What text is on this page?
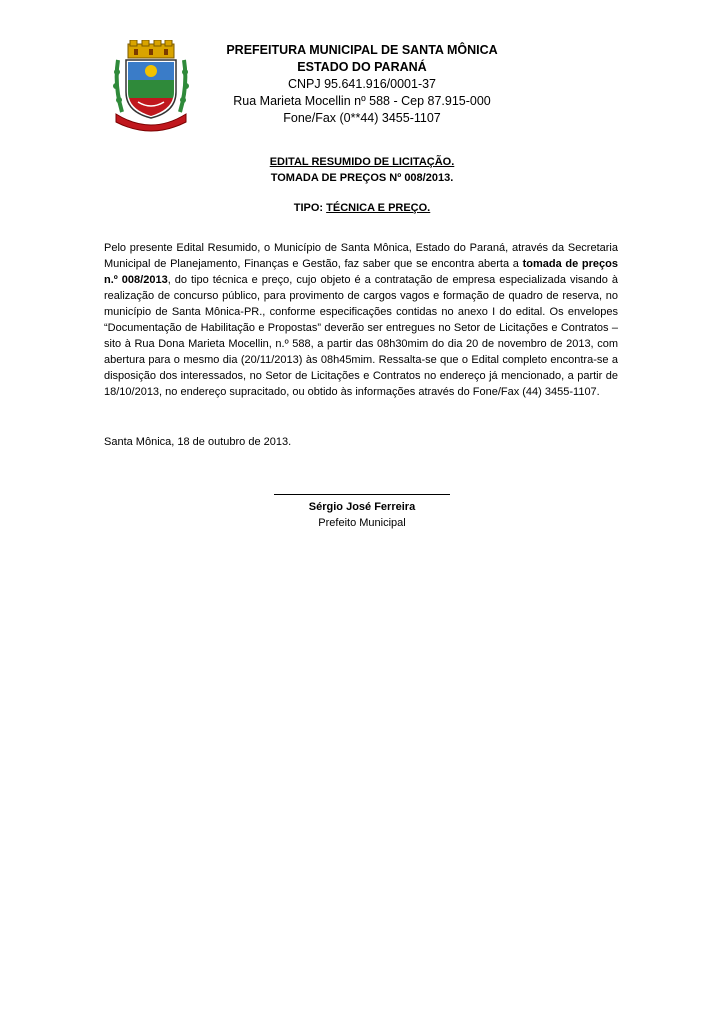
PREFEITURA MUNICIPAL DE SANTA MÔNICA
ESTADO DO PARANÁ
CNPJ 95.641.916/0001-37
Rua Marieta Mocellin nº 588 - Cep 87.915-000
Fone/Fax (0**44) 3455-1107
EDITAL RESUMIDO DE LICITAÇÃO.
TOMADA DE PREÇOS Nº 008/2013.
TIPO: TÉCNICA E PREÇO.
Pelo presente Edital Resumido, o Município de Santa Mônica, Estado do Paraná, através da Secretaria Municipal de Planejamento, Finanças e Gestão, faz saber que se encontra aberta a tomada de preços n.º 008/2013, do tipo técnica e preço, cujo objeto é a contratação de empresa especializada visando à realização de concurso público, para provimento de cargos vagos e formação de quadro de reserva, no município de Santa Mônica-PR., conforme especificações contidas no anexo I do edital. Os envelopes “Documentação de Habilitação e Propostas” deverão ser entregues no Setor de Licitações e Contratos – sito à Rua Dona Marieta Mocellin, n.º 588, a partir das 08h30mim do dia 20 de novembro de 2013, com abertura para o mesmo dia (20/11/2013) às 08h45mim. Ressalta-se que o Edital completo encontra-se a disposição dos interessados, no Setor de Licitações e Contratos no endereço já mencionado, a partir de 18/10/2013, no endereço supracitado, ou obtido às informações através do Fone/Fax (44) 3455-1107.
Santa Mônica, 18 de outubro de 2013.
Sérgio José Ferreira
Prefeito Municipal
